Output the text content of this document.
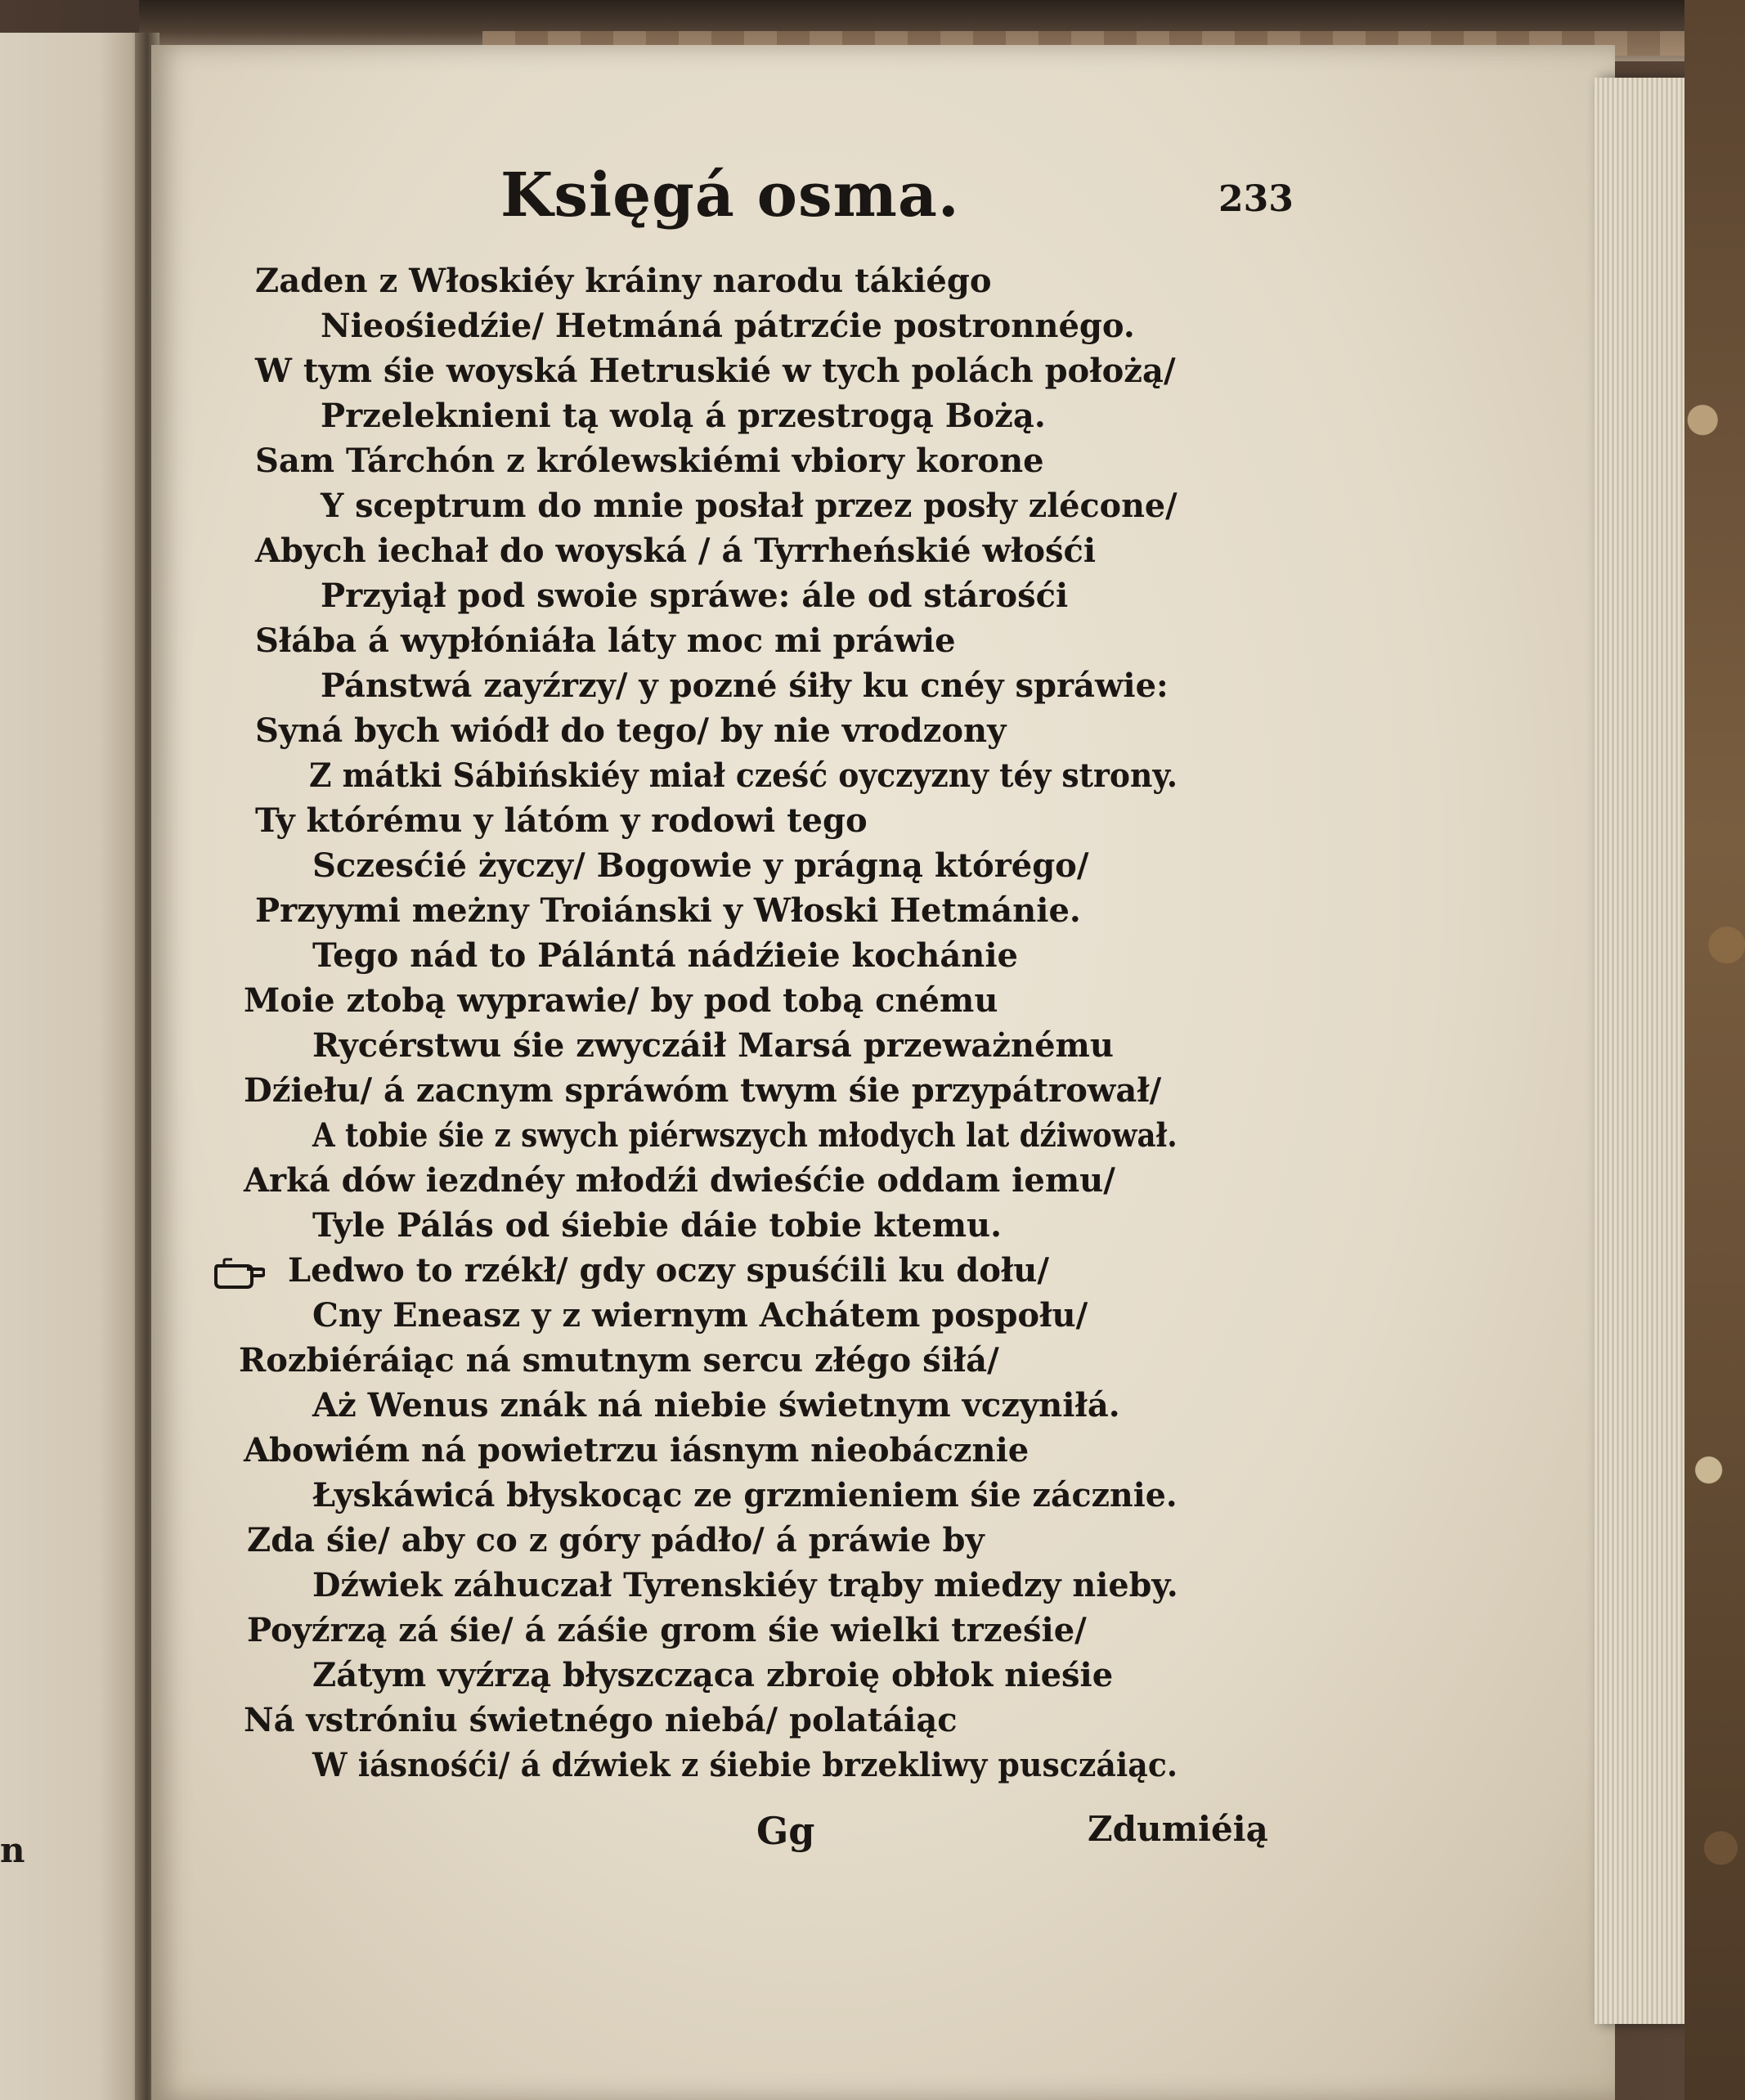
n
Księgá osma.	233
Zaden z Włoskiéy kráiny narodu tákiégo
Nieośiedźie/ Hetmáná pátrzćie postronnégo.
W tym śie woyská Hetruskié w tych polách położą/
Przeleknieni tą wolą á przestrogą Bożą.
Sam Tárchón z królewskiémi vbiory korone
Y sceptrum do mnie posłał przez posły zlécone/
Abych iechał do woyská / á Tyrrheńskié włośći
Przyiął pod swoie spráwe: ále od stárośći
Słába á wypłóniáła láty moc mi práwie
Pánstwá zayźrzy/ y pozné śiły ku cnéy spráwie:
Syná bych wiódł do tego/ by nie vrodzony
Z mátki Sábińskiéy miał cześć oyczyzny téy strony.
Ty którému y látóm y rodowi tego
Sczesćié życzy/ Bogowie y prágną którégo/
Przyymi meżny Troiánski y Włoski Hetmánie.
Tego nád to Pálántá nádźieie kochánie
Moie ztobą wyprawie/ by pod tobą cnému
Rycérstwu śie zwyczáił Marsá przeważnému
Dźiełu/ á zacnym spráwóm twym śie przypátrował/
A tobie śie z swych piérwszych młodych lat dźiwował.
Arká dów iezdnéy młodźi dwieśćie oddam iemu/
Tyle Pálás od śiebie dáie tobie ktemu.
Ledwo to rzékł/ gdy oczy spuśćili ku dołu/
Cny Eneasz y z wiernym Achátem pospołu/
Rozbiéráiąc ná smutnym sercu złégo śiłá/
Aż Wenus znák ná niebie świetnym vczyniłá.
Abowiém ná powietrzu iásnym nieobácznie
Łyskáwicá błyskocąc ze grzmieniem śie záczniе.
Zda śie/ aby co z góry pádło/ á práwie by
Dźwiek záhuczał Tyrenskiéy trąby miedzy nieby.
Poyźrzą zá śie/ á záśie grom śie wielki trześie/
Zátym vyźrzą błyszcząca zbroię obłok nieśie
Ná vstróniu świetnégo niebá/ polatáiąc
W iásnośći/ á dźwiek z śiebie brzekliwy pusczáiąc.
Gg	Zdumiéią
